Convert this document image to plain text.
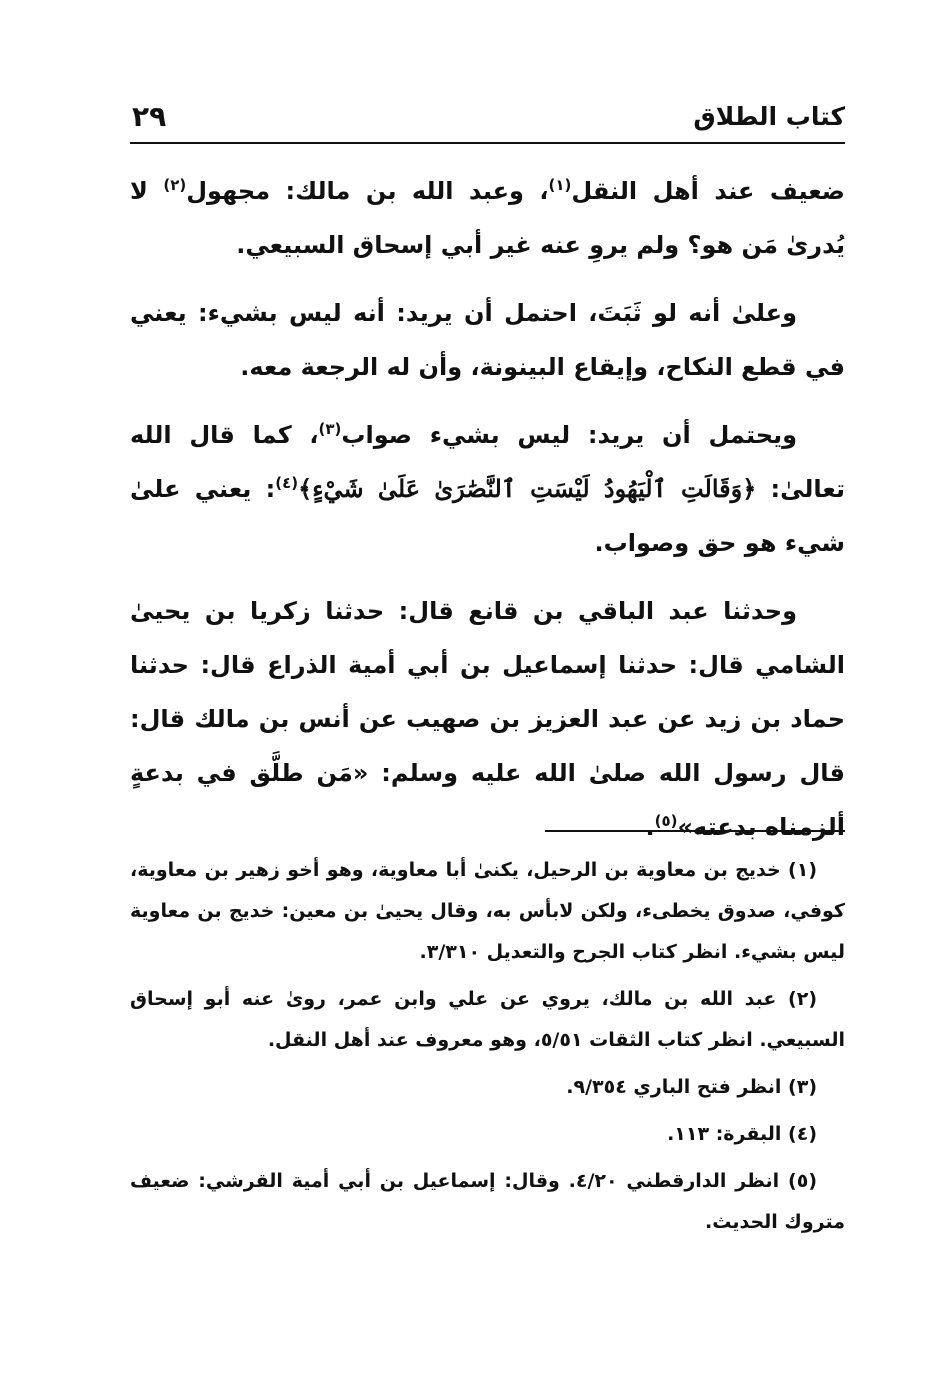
كتاب الطلاق
٢٩

ضعيف عند أهل النقل$^{(١)}$، وعبد الله بن مالك: مجهول$^{(٢)}$ لا يُدرىٰ مَن هو؟ ولم يروِ عنه غير أبي إسحاق السبيعي.

وعلىٰ أنه لو ثَبَتَ، احتمل أن يريد: أنه ليس بشيء: يعني في قطع النكاح، وإيقاع البينونة، وأن له الرجعة معه.

ويحتمل أن يريد: ليس بشيء صواب$^{(٣)}$، كما قال الله تعالىٰ: ﴿وَقَالَتِ ٱلْيَهُودُ لَيْسَتِ ٱلنَّصَٰرَىٰ عَلَىٰ شَيْءٍ﴾$^{(٤)}$: يعني علىٰ شيء هو حق وصواب.

وحدثنا عبد الباقي بن قانع قال: حدثنا زكريا بن يحيىٰ الشامي قال: حدثنا إسماعيل بن أبي أمية الذراع قال: حدثنا حماد بن زيد عن عبد العزيز بن صهيب عن أنس بن مالك قال: قال رسول الله صلىٰ الله عليه وسلم: «مَن طلَّق في بدعةٍ ألزمناه بدعته»$^{(٥)}$.

(١) خديج بن معاوية بن الرحيل، يكنىٰ أبا معاوية، وهو أخو زهير بن معاوية، كوفي، صدوق يخطىء، ولكن لابأس به، وقال يحيىٰ بن معين: خديج بن معاوية ليس بشيء. انظر كتاب الجرح والتعديل ٣/٣١٠.

(٢) عبد الله بن مالك، يروي عن علي وابن عمر، روىٰ عنه أبو إسحاق السبيعي. انظر كتاب الثقات ٥/٥١، وهو معروف عند أهل النقل.

(٣) انظر فتح الباري ٩/٣٥٤.

(٤) البقرة: ١١٣.

(٥) انظر الدارقطني ٤/٢٠. وقال: إسماعيل بن أبي أمية القرشي: ضعيف متروك الحديث.
